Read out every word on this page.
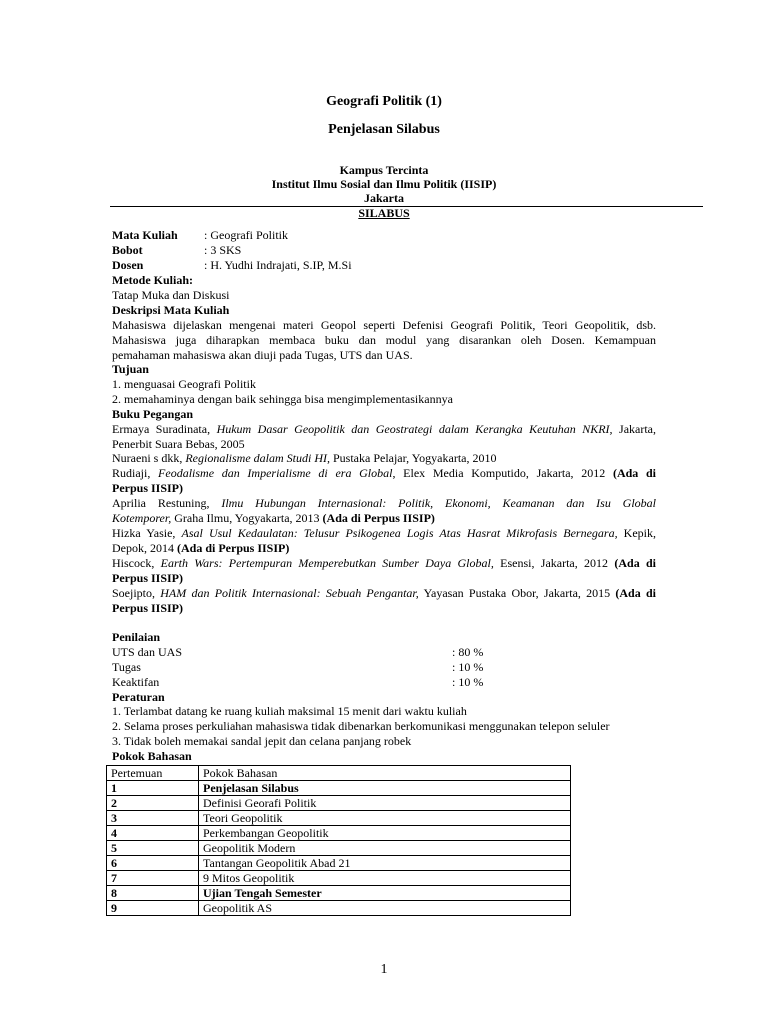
Geografi Politik (1)
Penjelasan Silabus
Kampus Tercinta
Institut Ilmu Sosial dan Ilmu Politik (IISIP)
Jakarta
SILABUS
Mata Kuliah : Geografi Politik
Bobot	: 3 SKS
Dosen	: H. Yudhi Indrajati, S.IP, M.Si
Metode Kuliah:
Tatap Muka dan Diskusi
Deskripsi Mata Kuliah
Mahasiswa dijelaskan mengenai materi Geopol seperti Defenisi Geografi Politik, Teori Geopolitik, dsb.
Mahasiswa juga diharapkan membaca buku dan modul yang disarankan oleh Dosen. Kemampuan
pemahaman mahasiswa akan diuji pada Tugas, UTS dan UAS.
Tujuan
1. menguasai Geografi Politik
2. memahaminya dengan baik sehingga bisa mengimplementasikannya
Buku Pegangan
Ermaya Suradinata, Hukum Dasar Geopolitik dan Geostrategi dalam Kerangka Keutuhan NKRI, Jakarta,
Penerbit Suara Bebas, 2005
Nuraeni s dkk, Regionalisme dalam Studi HI, Pustaka Pelajar, Yogyakarta, 2010
Rudiaji, Feodalisme dan Imperialisme di era Global, Elex Media Komputido, Jakarta, 2012 (Ada di
Perpus IISIP)
Aprilia Restuning, Ilmu Hubungan Internasional: Politik, Ekonomi, Keamanan dan Isu Global
Kotemporer, Graha Ilmu, Yogyakarta, 2013 (Ada di Perpus IISIP)
Hizka Yasie, Asal Usul Kedaulatan: Telusur Psikogenea Logis Atas Hasrat Mikrofasis Bernegara, Kepik,
Depok, 2014 (Ada di Perpus IISIP)
Hiscock, Earth Wars: Pertempuran Memperebutkan Sumber Daya Global, Esensi, Jakarta, 2012 (Ada di
Perpus IISIP)
Soejipto, HAM dan Politik Internasional: Sebuah Pengantar, Yayasan Pustaka Obor, Jakarta, 2015 (Ada di
Perpus IISIP)
Penilaian
UTS dan UAS	: 80 %
Tugas	: 10 %
Keaktifan	: 10 %
Peraturan
1. Terlambat datang ke ruang kuliah maksimal 15 menit dari waktu kuliah
2. Selama proses perkuliahan mahasiswa tidak dibenarkan berkomunikasi menggunakan telepon seluler
3. Tidak boleh memakai sandal jepit dan celana panjang robek
Pokok Bahasan
Pertemuan	Pokok Bahasan
1	Penjelasan Silabus
2	Definisi Georafi Politik
3	Teori Geopolitik
4	Perkembangan Geopolitik
5	Geopolitik Modern
6	Tantangan Geopolitik Abad 21
7	9 Mitos Geopolitik
8	Ujian Tengah Semester
9	Geopolitik AS
1
